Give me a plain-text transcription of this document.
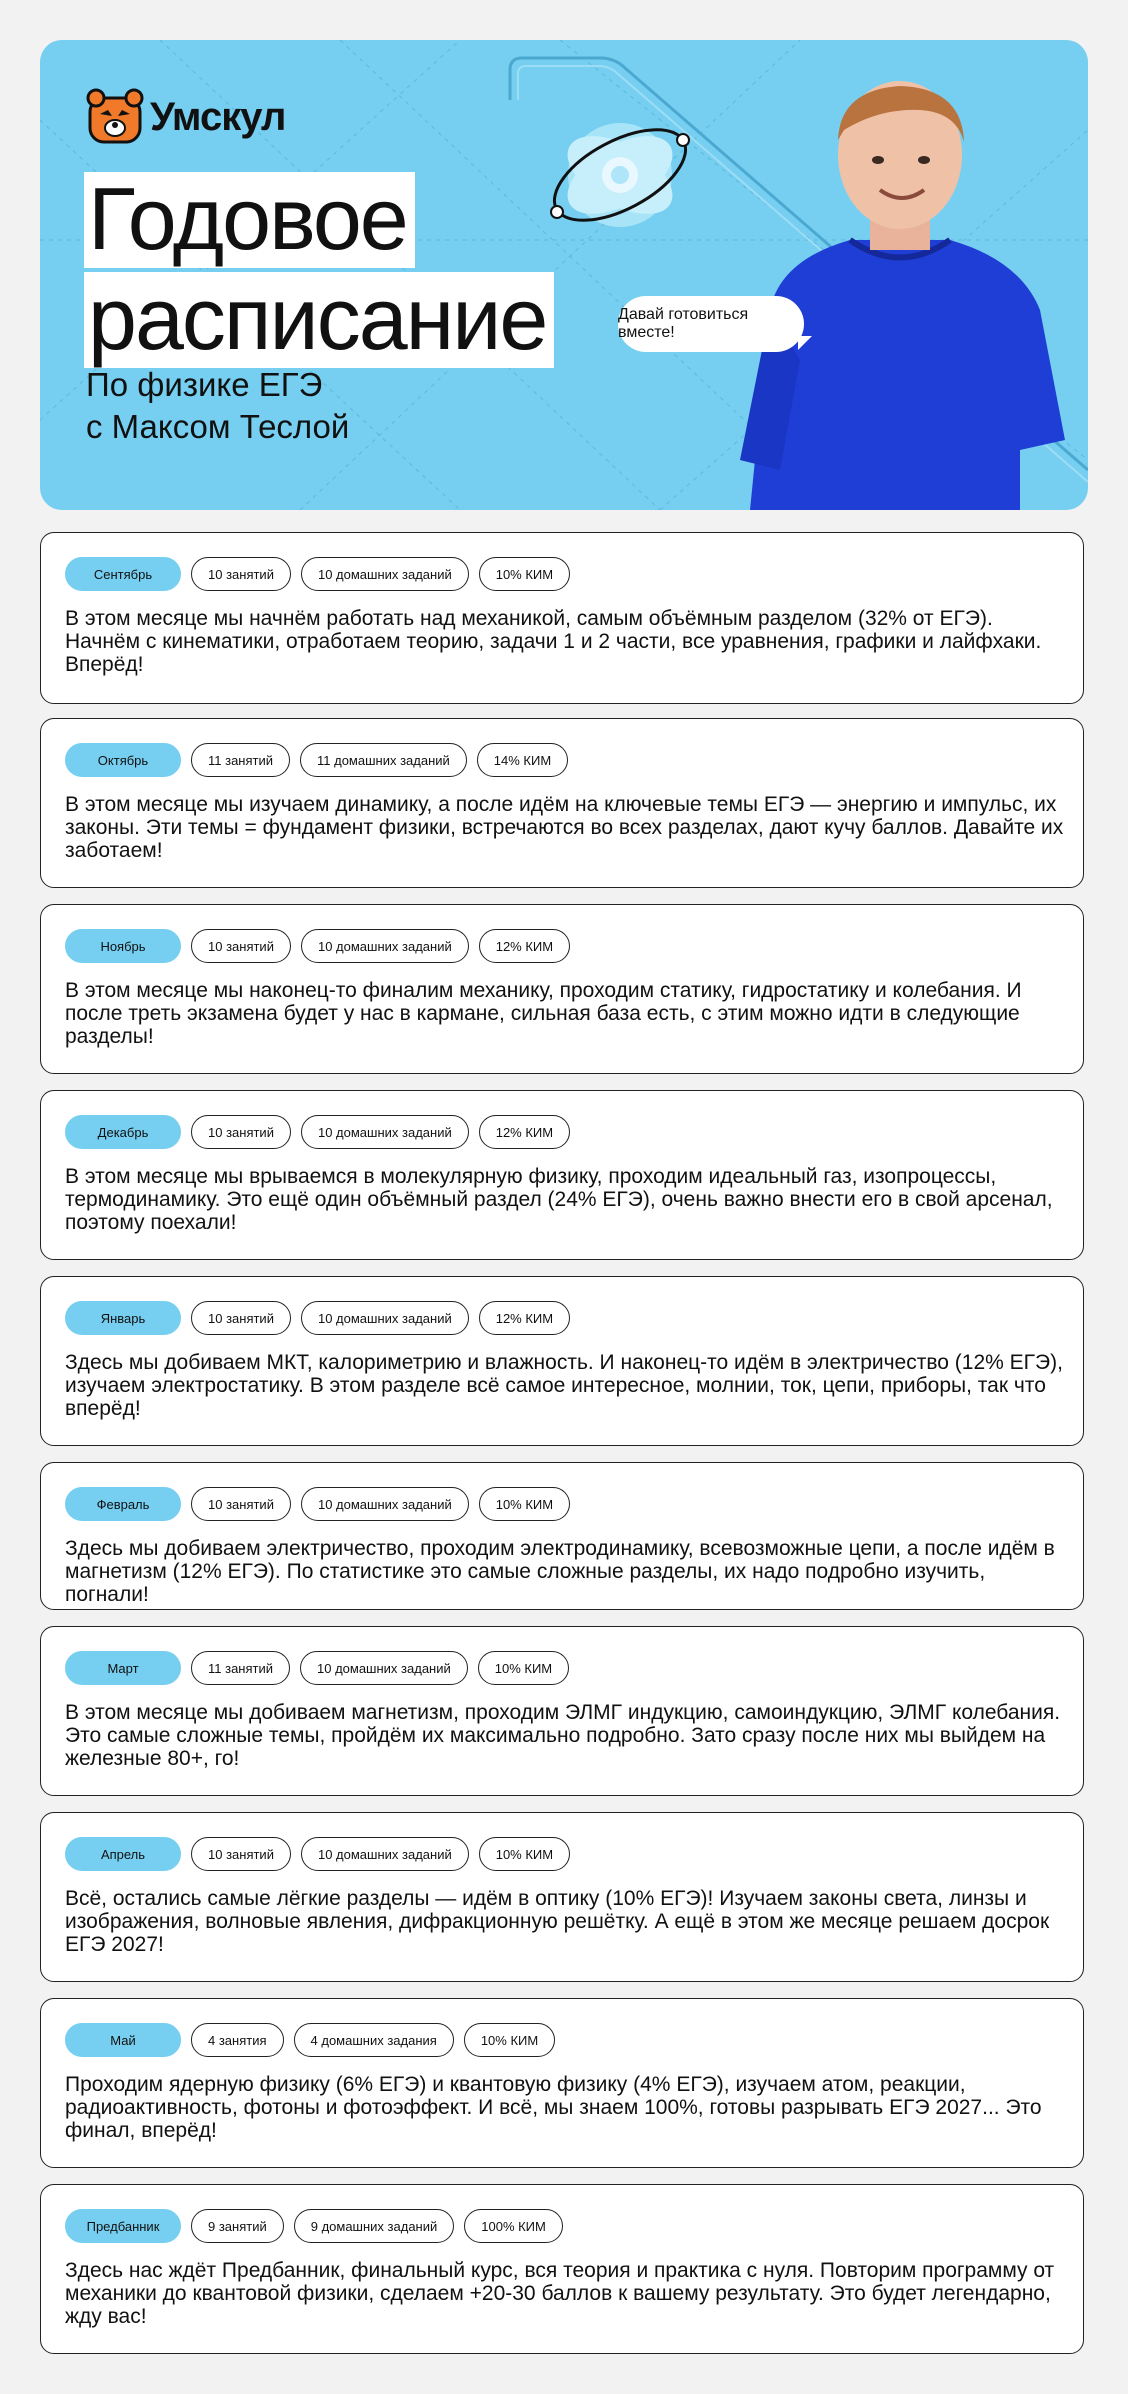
Умскул
Годовое
расписание
По физике ЕГЭ
с Максом Теслой
Давай готовиться вместе!
Сентябрь	10 занятий	10 домашних заданий	10% КИМ
В этом месяце мы начнём работать над механикой, самым объёмным разделом (32% от ЕГЭ). Начнём с кинематики, отработаем теорию, задачи 1 и 2 части, все уравнения, графики и лайфхаки. Вперёд!
Октябрь	11 занятий	11 домашних заданий	14% КИМ
В этом месяце мы изучаем динамику, а после идём на ключевые темы ЕГЭ — энергию и импульс, их законы. Эти темы = фундамент физики, встречаются во всех разделах, дают кучу баллов. Давайте их заботаем!
Ноябрь	10 занятий	10 домашних заданий	12% КИМ
В этом месяце мы наконец-то финалим механику, проходим статику, гидростатику и колебания. И после треть экзамена будет у нас в кармане, сильная база есть, с этим можно идти в следующие разделы!
Декабрь	10 занятий	10 домашних заданий	12% КИМ
В этом месяце мы врываемся в молекулярную физику, проходим идеальный газ, изопроцессы, термодинамику. Это ещё один объёмный раздел (24% ЕГЭ), очень важно внести его в свой арсенал, поэтому поехали!
Январь	10 занятий	10 домашних заданий	12% КИМ
Здесь мы добиваем МКТ, калориметрию и влажность. И наконец-то идём в электричество (12% ЕГЭ), изучаем электростатику. В этом разделе всё самое интересное, молнии, ток, цепи, приборы, так что вперёд!
Февраль	10 занятий	10 домашних заданий	10% КИМ
Здесь мы добиваем электричество, проходим электродинамику, всевозможные цепи, а после идём в магнетизм (12% ЕГЭ). По статистике это самые сложные разделы, их надо подробно изучить, погнали!
Март	11 занятий	10 домашних заданий	10% КИМ
В этом месяце мы добиваем магнетизм, проходим ЭЛМГ индукцию, самоиндукцию, ЭЛМГ колебания. Это самые сложные темы, пройдём их максимально подробно. Зато сразу после них мы выйдем на железные 80+, го!
Апрель	10 занятий	10 домашних заданий	10% КИМ
Всё, остались самые лёгкие разделы — идём в оптику (10% ЕГЭ)! Изучаем законы света, линзы и изображения, волновые явления, дифракционную решётку. А ещё в этом же месяце решаем досрок ЕГЭ 2027!
Май	4 занятия	4 домашних задания	10% КИМ
Проходим ядерную физику (6% ЕГЭ) и квантовую физику (4% ЕГЭ), изучаем атом, реакции, радиоактивность, фотоны и фотоэффект. И всё, мы знаем 100%, готовы разрывать ЕГЭ 2027... Это финал, вперёд!
Предбанник	9 занятий	9 домашних заданий	100% КИМ
Здесь нас ждёт Предбанник, финальный курс, вся теория и практика с нуля. Повторим программу от механики до квантовой физики, сделаем +20-30 баллов к вашему результату. Это будет легендарно, жду вас!
